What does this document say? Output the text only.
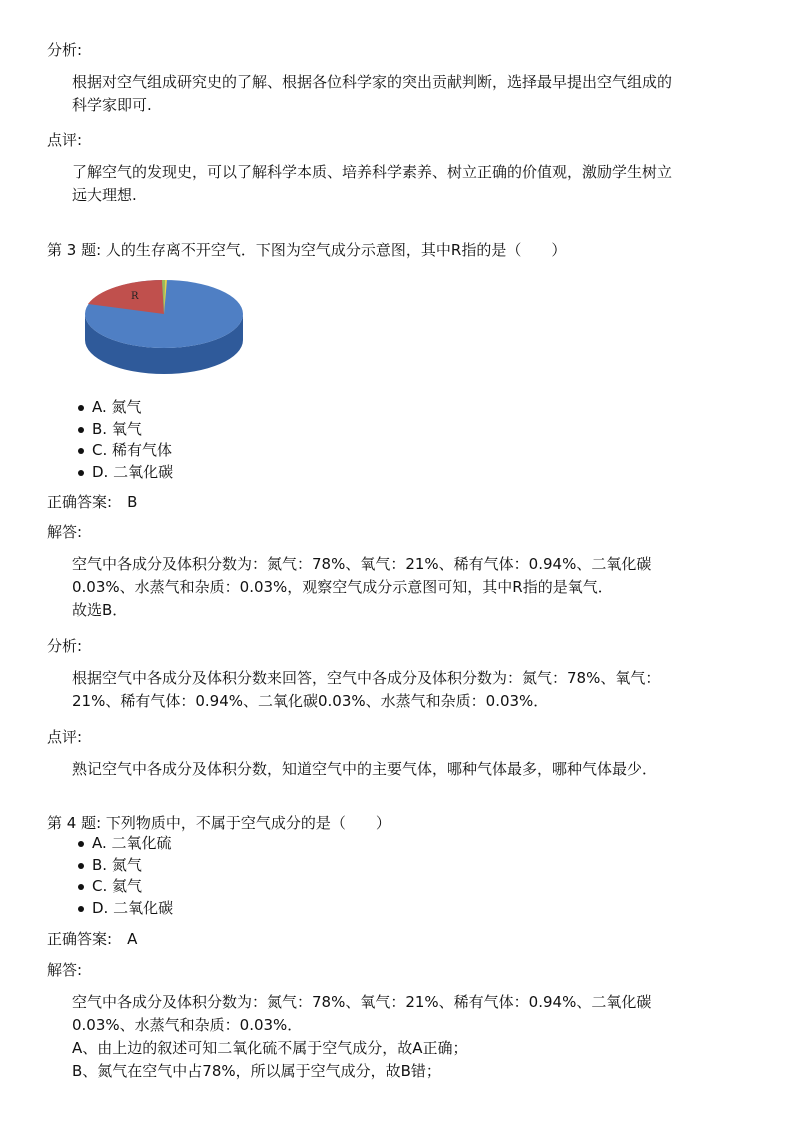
分析:
根据对空气组成研究史的了解、根据各位科学家的突出贡献判断，选择最早提出空气组成的
科学家即可.
点评:
了解空气的发现史，可以了解科学本质、培养科学素养、树立正确的价值观，激励学生树立
远大理想.
第 3 题: 人的生存离不开空气．下图为空气成分示意图，其中R指的是（　　）
R
A. 氮气
B. 氧气
C. 稀有气体
D. 二氧化碳
正确答案:　 B
解答:
空气中各成分及体积分数为：氮气：78%、氧气：21%、稀有气体：0.94%、二氧化碳
0.03%、水蒸气和杂质：0.03%，观察空气成分示意图可知，其中R指的是氧气．
故选B．
分析:
根据空气中各成分及体积分数来回答，空气中各成分及体积分数为：氮气：78%、氧气：
21%、稀有气体：0.94%、二氧化碳0.03%、水蒸气和杂质：0.03%．
点评:
熟记空气中各成分及体积分数，知道空气中的主要气体，哪种气体最多，哪种气体最少．
第 4 题: 下列物质中，不属于空气成分的是（　　）
A. 二氧化硫
B. 氮气
C. 氦气
D. 二氧化碳
正确答案:　 A
解答:
空气中各成分及体积分数为：氮气：78%、氧气：21%、稀有气体：0.94%、二氧化碳
0.03%、水蒸气和杂质：0.03%．
A、由上边的叙述可知二氧化硫不属于空气成分，故A正确；
B、氮气在空气中占78%，所以属于空气成分，故B错；
